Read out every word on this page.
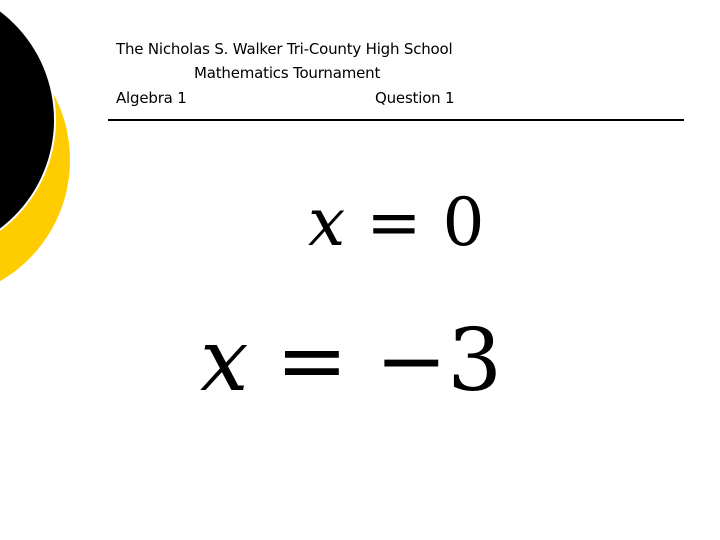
The Nicholas S. Walker Tri-County High School
Mathematics Tournament
Algebra 1	Question 1
x = 0
x = −3
